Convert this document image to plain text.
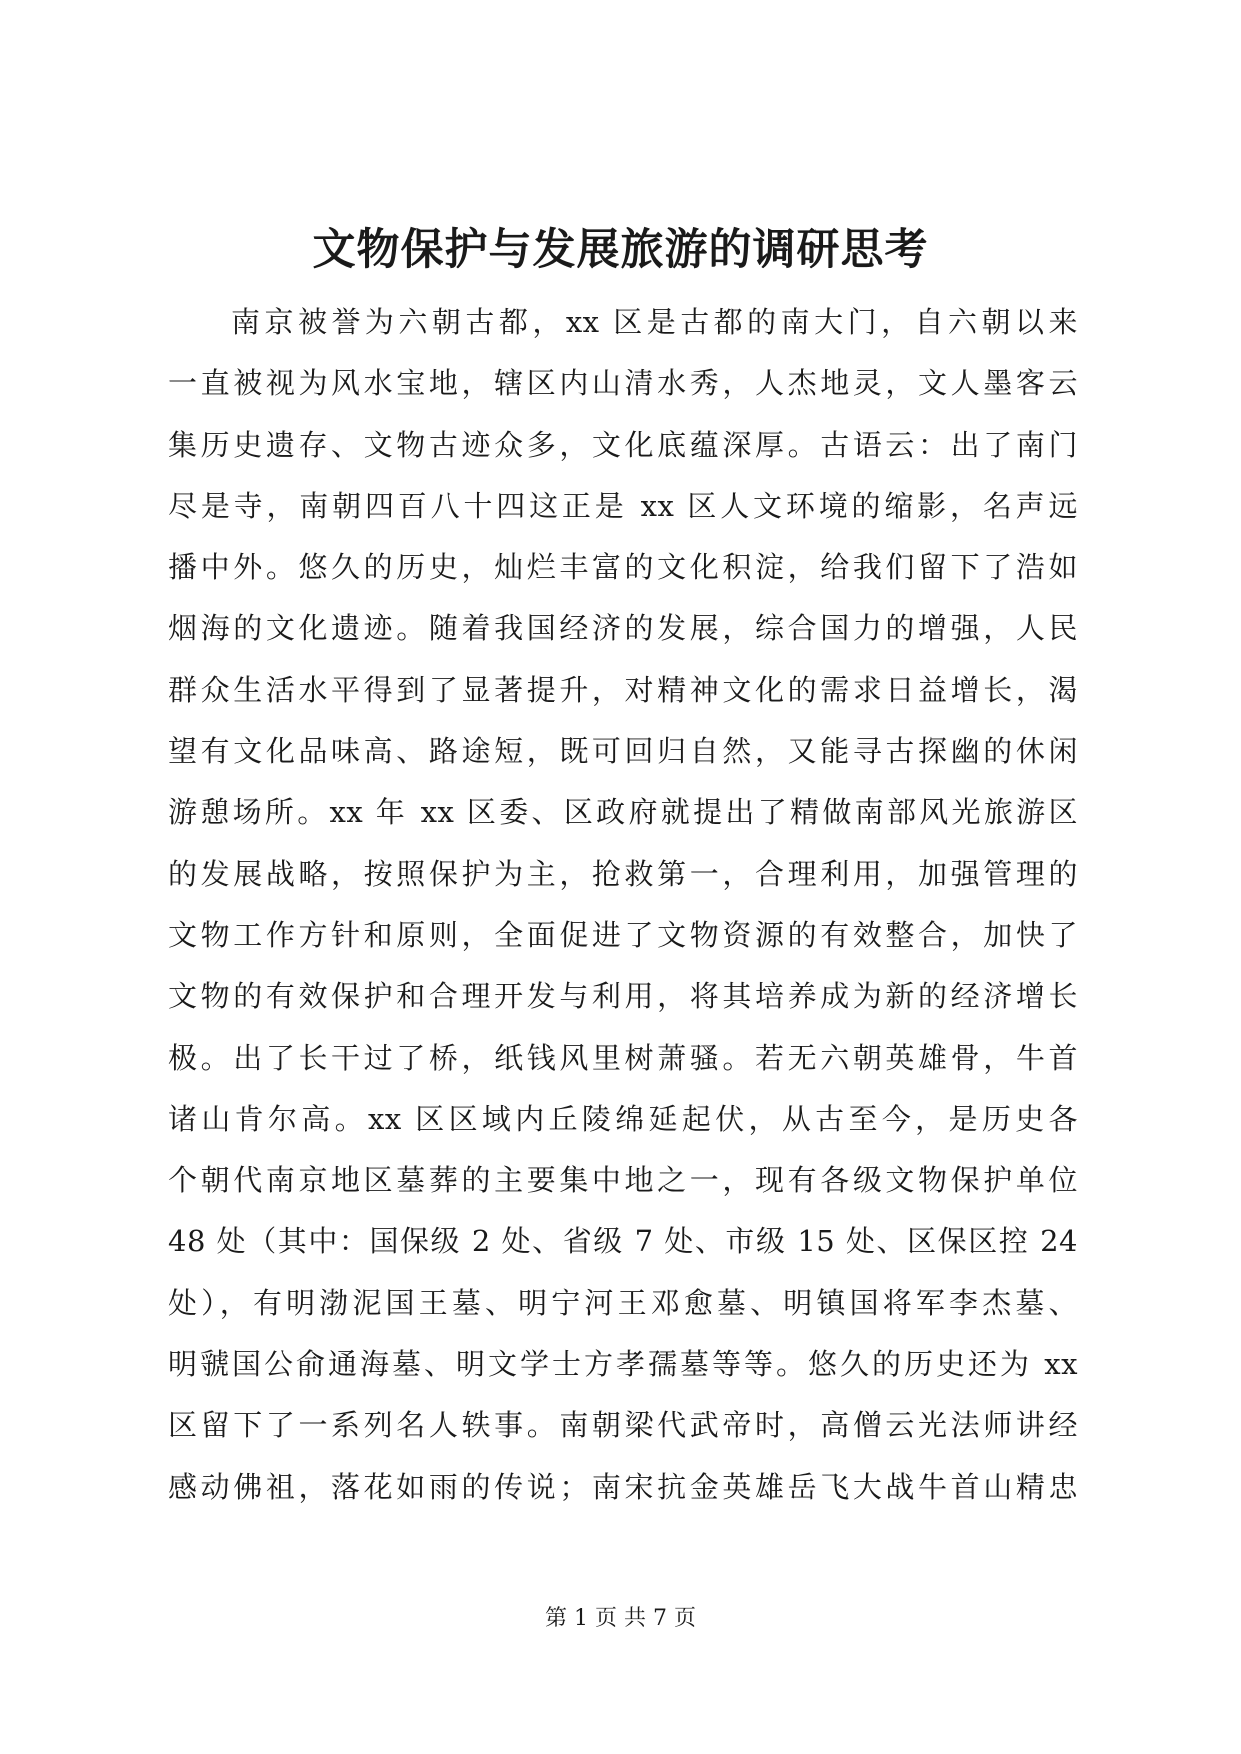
文物保护与发展旅游的调研思考
南京被誉为六朝古都，xx 区是古都的南大门，自六朝以来
一直被视为风水宝地，辖区内山清水秀，人杰地灵，文人墨客云
集历史遗存、文物古迹众多，文化底蕴深厚。古语云：出了南门
尽是寺，南朝四百八十四这正是 xx 区人文环境的缩影，名声远
播中外。悠久的历史，灿烂丰富的文化积淀，给我们留下了浩如
烟海的文化遗迹。随着我国经济的发展，综合国力的增强，人民
群众生活水平得到了显著提升，对精神文化的需求日益增长，渴
望有文化品味高、路途短，既可回归自然，又能寻古探幽的休闲
游憩场所。xx 年 xx 区委、区政府就提出了精做南部风光旅游区
的发展战略，按照保护为主，抢救第一，合理利用，加强管理的
文物工作方针和原则，全面促进了文物资源的有效整合，加快了
文物的有效保护和合理开发与利用，将其培养成为新的经济增长
极。出了长干过了桥，纸钱风里树萧骚。若无六朝英雄骨，牛首
诸山肯尔高。xx 区区域内丘陵绵延起伏，从古至今，是历史各
个朝代南京地区墓葬的主要集中地之一，现有各级文物保护单位
48 处（其中：国保级 2 处、省级 7 处、市级 15 处、区保区控 24
处），有明渤泥国王墓、明宁河王邓愈墓、明镇国将军李杰墓、
明虢国公俞通海墓、明文学士方孝孺墓等等。悠久的历史还为 xx
区留下了一系列名人轶事。南朝梁代武帝时，高僧云光法师讲经
感动佛祖，落花如雨的传说；南宋抗金英雄岳飞大战牛首山精忠
第 1 页 共 7 页
